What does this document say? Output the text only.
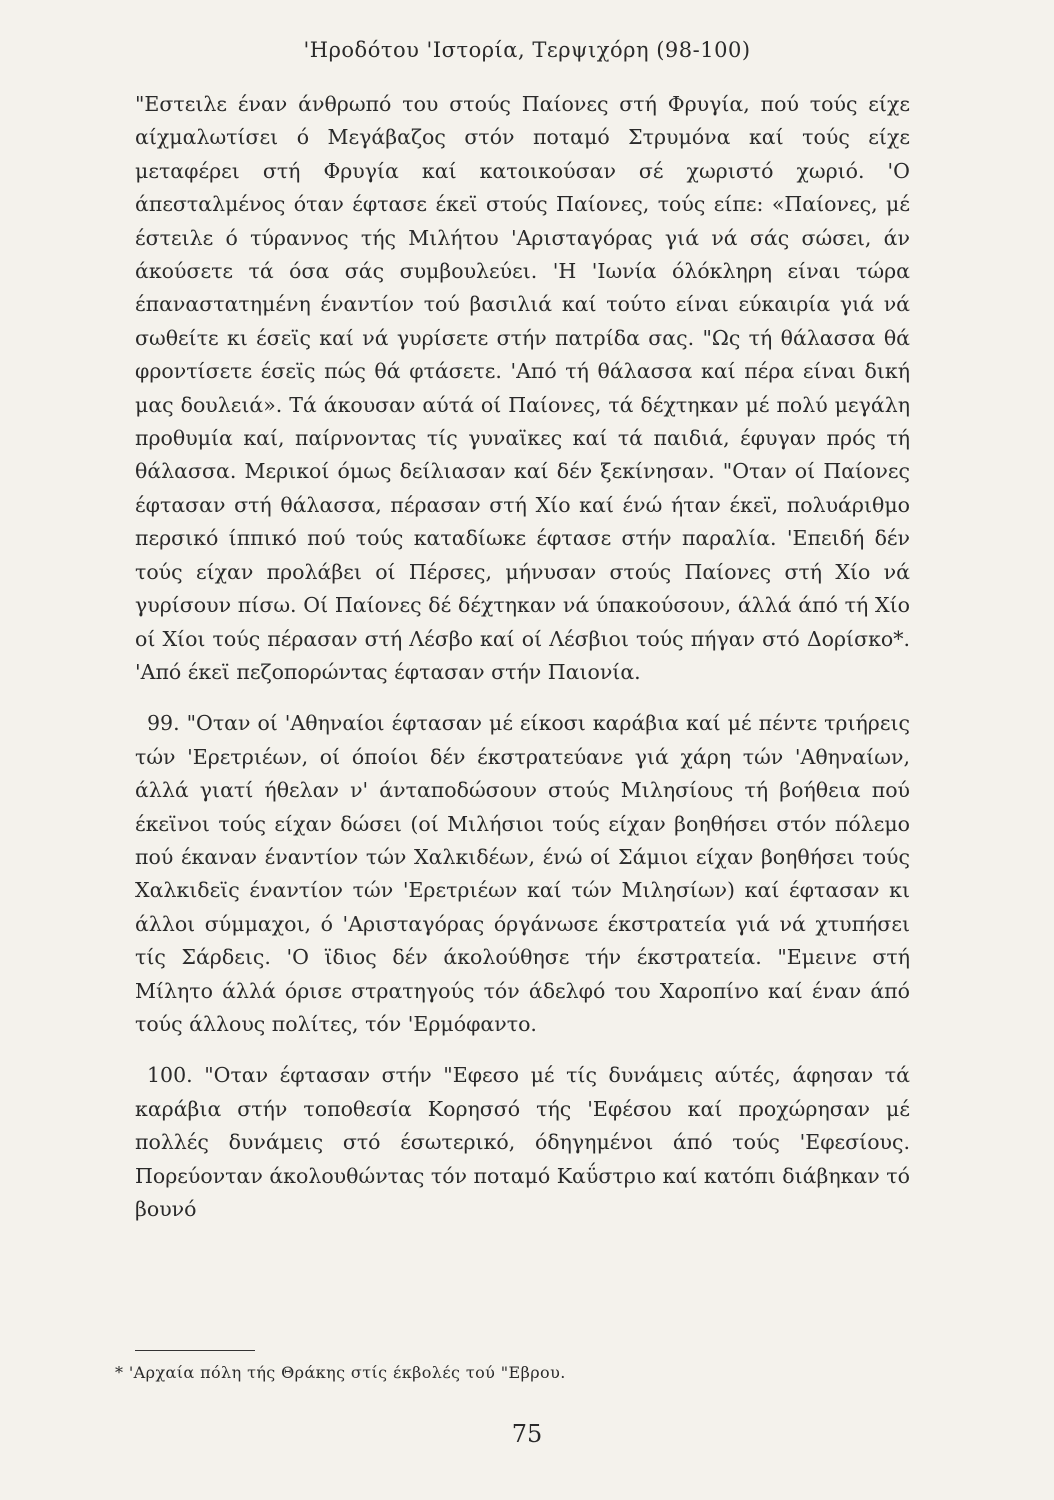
'Ηροδότου 'Ιστορία, Τερψιχόρη (98-100)

"Εστειλε έναν άνθρωπό του στούς Παίονες στή Φρυγία, πού τούς είχε αίχμαλωτίσει ό Μεγάβαζος στόν ποταμό Στρυμόνα καί τούς είχε μεταφέρει στή Φρυγία καί κατοικούσαν σέ χωριστό χωριό. 'Ο άπεσταλμένος όταν έφτασε έκεϊ στούς Παίονες, τούς είπε: «Παίονες, μέ έστειλε ό τύραννος τής Μιλήτου 'Αρισταγόρας γιά νά σάς σώσει, άν άκούσετε τά όσα σάς συμβουλεύει. 'Η 'Ιωνία όλόκληρη είναι τώρα έπαναστατημένη έναντίον τού βασιλιά καί τούτο είναι εύκαιρία γιά νά σωθείτε κι έσεϊς καί νά γυρίσετε στήν πατρίδα σας. "Ως τή θάλασσα θά φροντίσετε έσεϊς πώς θά φτάσετε. 'Από τή θάλασσα καί πέρα είναι δική μας δουλειά». Τά άκουσαν αύτά οί Παίονες, τά δέχτηκαν μέ πολύ μεγάλη προθυμία καί, παίρνοντας τίς γυναϊκες καί τά παιδιά, έφυγαν πρός τή θάλασσα. Μερικοί όμως δείλιασαν καί δέν ξεκίνησαν. "Οταν οί Παίονες έφτασαν στή θάλασσα, πέρασαν στή Χίο καί ένώ ήταν έκεϊ, πολυάριθμο περσικό ίππικό πού τούς καταδίωκε έφτασε στήν παραλία. 'Επειδή δέν τούς είχαν προλάβει οί Πέρσες, μήνυσαν στούς Παίονες στή Χίο νά γυρίσουν πίσω. Οί Παίονες δέ δέχτηκαν νά ύπακούσουν, άλλά άπό τή Χίο οί Χίοι τούς πέρασαν στή Λέσβο καί οί Λέσβιοι τούς πήγαν στό Δορίσκο*. 'Από έκεϊ πεζοπορώντας έφτασαν στήν Παιονία.

99. "Οταν οί 'Αθηναίοι έφτασαν μέ είκοσι καράβια καί μέ πέντε τριήρεις τών 'Ερετριέων, οί όποίοι δέν έκστρατεύανε γιά χάρη τών 'Αθηναίων, άλλά γιατί ήθελαν ν' άνταποδώσουν στούς Μιλησίους τή βοήθεια πού έκεϊνοι τούς είχαν δώσει (οί Μιλήσιοι τούς είχαν βοηθήσει στόν πόλεμο πού έκαναν έναντίον τών Χαλκιδέων, ένώ οί Σάμιοι είχαν βοηθήσει τούς Χαλκιδεϊς έναντίον τών 'Ερετριέων καί τών Μιλησίων) καί έφτασαν κι άλλοι σύμμαχοι, ό 'Αρισταγόρας όργάνωσε έκστρατεία γιά νά χτυπήσει τίς Σάρδεις. 'Ο ϊδιος δέν άκολούθησε τήν έκστρατεία. "Εμεινε στή Μίλητο άλλά όρισε στρατηγούς τόν άδελφό του Χαροπίνο καί έναν άπό τούς άλλους πολίτες, τόν 'Ερμόφαντο.

100. "Οταν έφτασαν στήν "Εφεσο μέ τίς δυνάμεις αύτές, άφησαν τά καράβια στήν τοποθεσία Κορησσό τής 'Εφέσου καί προχώρησαν μέ πολλές δυνάμεις στό έσωτερικό, όδηγημένοι άπό τούς 'Εφεσίους. Πορεύονταν άκολουθώντας τόν ποταμό Καΰστριο καί κατόπι διάβηκαν τό βουνό

* 'Αρχαία πόλη τής Θράκης στίς έκβολές τού "Εβρου.
75
